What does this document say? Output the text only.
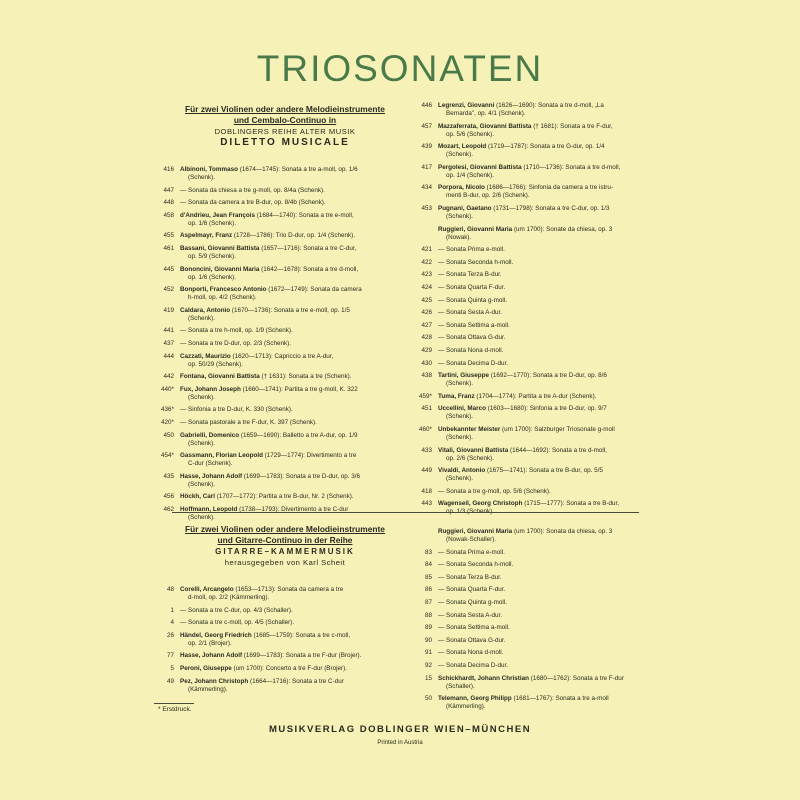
TRIOSONATEN
Für zwei Violinen oder andere Melodieinstrumente
und Cembalo-Continuo in
DOBLINGERS REIHE ALTER MUSIK
DILETTO MUSICALE
416 Albinoni, Tommaso (1674—1745): Sonata a tre a-moll, op. 1/6
(Schenk).
447 — Sonata da chiesa a tre g-moll, op. 8/4a (Schenk).
448 — Sonata da camera a tre B-dur, op. 8/4b (Schenk).
458 d'Andrieu, Jean François (1684—1740): Sonata a tre e-moll,
op. 1/6 (Schenk).
455 Aspelmayr, Franz (1728—1786): Trio D-dur, op. 1/4 (Schenk).
461 Bassani, Giovanni Battista (1657—1716): Sonata a tre C-dur,
op. 5/9 (Schenk).
445 Bononcini, Giovanni Maria (1642—1678): Sonata a tre d-moll,
op. 1/6 (Schenk).
452 Bonporti, Francesco Antonio (1672—1749): Sonata da camera
h-moll, op. 4/2 (Schenk).
419 Caldara, Antonio (1670—1736): Sonata a tre e-moll, op. 1/5
(Schenk).
441 — Sonata a tre h-moll, op. 1/9 (Schenk).
437 — Sonata a tre D-dur, op. 2/3 (Schenk).
444 Cazzati, Maurizio (1620—1713): Capriccio a tre A-dur,
op. 50/29 (Schenk).
442 Fontana, Giovanni Battista († 1631): Sonata a tre (Schenk).
440* Fux, Johann Joseph (1660—1741): Partita a tre g-moll, K. 322
(Schenk).
436* — Sinfonia a tre D-dur, K. 330 (Schenk).
420* — Sonata pastorale a tre F-dur, K. 397 (Schenk).
450 Gabrielli, Domenico (1659—1690): Balletto a tre A-dur, op. 1/9
(Schenk).
454* Gassmann, Florian Leopold (1729—1774): Divertimento a tre
C-dur (Schenk).
435 Hasse, Johann Adolf (1699—1783): Sonata a tre D-dur, op. 3/6
(Schenk).
456 Höckh, Carl (1707—1772): Partita a tre B-dur, Nr. 2 (Schenk).
462 Hoffmann, Leopold (1738—1793): Divertimento a tre C-dur
(Schenk).
446 Legrenzi, Giovanni (1626—1690): Sonata a tre d-moll, „La
Bernarda", op. 4/1 (Schenk).
457 Mazzaferrata, Giovanni Battista († 1681): Sonata a tre F-dur,
op. 5/6 (Schenk).
439 Mozart, Leopold (1719—1787): Sonata a tre G-dur, op. 1/4
(Schenk).
417 Pergolesi, Giovanni Battista (1710—1736): Sonata a tre d-moll,
op. 1/4 (Schenk).
434 Porpora, Nicolo (1686—1766): Sinfonia da camera a tre istru-
menti B-dur, op. 2/6 (Schenk).
453 Pugnani, Gaetano (1731—1798): Sonata a tre C-dur, op. 1/3
(Schenk).
Ruggieri, Giovanni Maria (um 1700): Sonate da chiesa, op. 3
(Nowak).
421 — Sonata Prima e-moll.
422 — Sonata Seconda h-moll.
423 — Sonata Terza B-dur.
424 — Sonata Quarta F-dur.
425 — Sonata Quinta g-moll.
426 — Sonata Sesta A-dur.
427 — Sonata Settima a-moll.
428 — Sonata Ottava G-dur.
429 — Sonata Nona d-moll.
430 — Sonata Decima D-dur.
438 Tartini, Giuseppe (1692—1770): Sonata a tre D-dur, op. 8/6
(Schenk).
459* Tuma, Franz (1704—1774): Partita a tre A-dur (Schenk).
451 Uccellini, Marco (1603—1680): Sinfonia a tre D-dur, op. 9/7
(Schenk).
460* Unbekannter Meister (um 1700): Salzburger Triosonate g-moll
(Schenk).
433 Vitali, Giovanni Battista (1644—1692): Sonata a tre d-moll,
op. 2/6 (Schenk).
449 Vivaldi, Antonio (1675—1741): Sonata a tre B-dur, op. 5/5
(Schenk).
418 — Sonata a tre g-moll, op. 5/6 (Schenk).
443 Wagenseil, Georg Christoph (1715—1777): Sonata a tre B-dur,
op. 1/3 (Schenk).
Für zwei Violinen oder andere Melodieinstrumente
und Gitarre-Continuo in der Reihe
GITARRE–KAMMERMUSIK
herausgegeben von Karl Scheit
48 Corelli, Arcangelo (1653—1713): Sonata da camera a tre
d-moll, op. 2/2 (Kämmerling).
1 — Sonata a tre C-dur, op. 4/3 (Schaller).
4 — Sonata a tre c-moll, op. 4/5 (Schaller).
26 Händel, Georg Friedrich (1685—1759): Sonata a tre c-moll,
op. 2/1 (Brojer).
77 Hasse, Johann Adolf (1699—1783): Sonata a tre F-dur (Brojer).
5 Peroni, Giuseppe (um 1700): Concerto a tre F-dur (Brojer).
49 Pez, Johann Christoph (1664—1716): Sonata a tre C-dur
(Kämmerling).
Ruggieri, Giovanni Maria (um 1700): Sonata da chiesa, op. 3
(Nowak-Schaller).
83 — Sonata Prima e-moll.
84 — Sonata Seconda h-moll.
85 — Sonata Terza B-dur.
86 — Sonata Quarta F-dur.
87 — Sonata Quinta g-moll.
88 — Sonata Sesta A-dur.
89 — Sonata Settima a-moll.
90 — Sonata Ottava G-dur.
91 — Sonata Nona d-moll.
92 — Sonata Decima D-dur.
15 Schickhardt, Johann Christian (1680—1762): Sonata a tre F-dur
(Schaller).
50 Telemann, Georg Philipp (1681—1767): Sonata a tre a-moll
(Kämmerling).
* Erstdruck.
MUSIKVERLAG DOBLINGER WIEN–MÜNCHEN
Printed in Austria
